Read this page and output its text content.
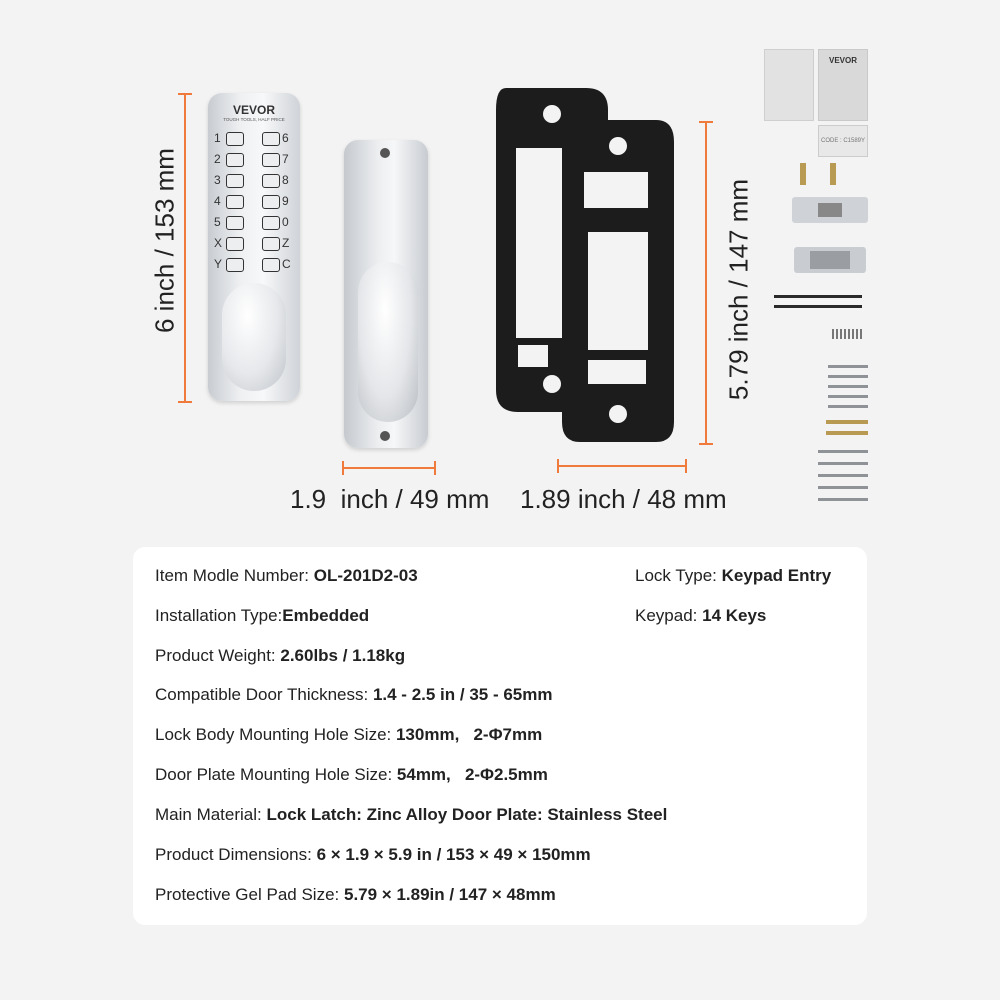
6 inch / 153 mm
VEVOR
TOUGH TOOLS, HALF PRICE
1
2
3
4
5
X
Y
6
7
8
9
0
Z
C
1.9  inch / 49 mm
5.79 inch / 147 mm
1.89 inch / 48 mm
VEVOR
CODE : C1589Y
Item Modle Number: OL-201D2-03	Lock Type: Keypad Entry
Installation Type:Embedded	Keypad: 14 Keys
Product Weight: 2.60lbs / 1.18kg
Compatible Door Thickness: 1.4 - 2.5 in / 35 - 65mm
Lock Body Mounting Hole Size: 130mm,   2-Φ7mm
Door Plate Mounting Hole Size: 54mm,   2-Φ2.5mm
Main Material: Lock Latch: Zinc Alloy Door Plate: Stainless Steel
Product Dimensions: 6 × 1.9 × 5.9 in / 153 × 49 × 150mm
Protective Gel Pad Size: 5.79 × 1.89in / 147 × 48mm
